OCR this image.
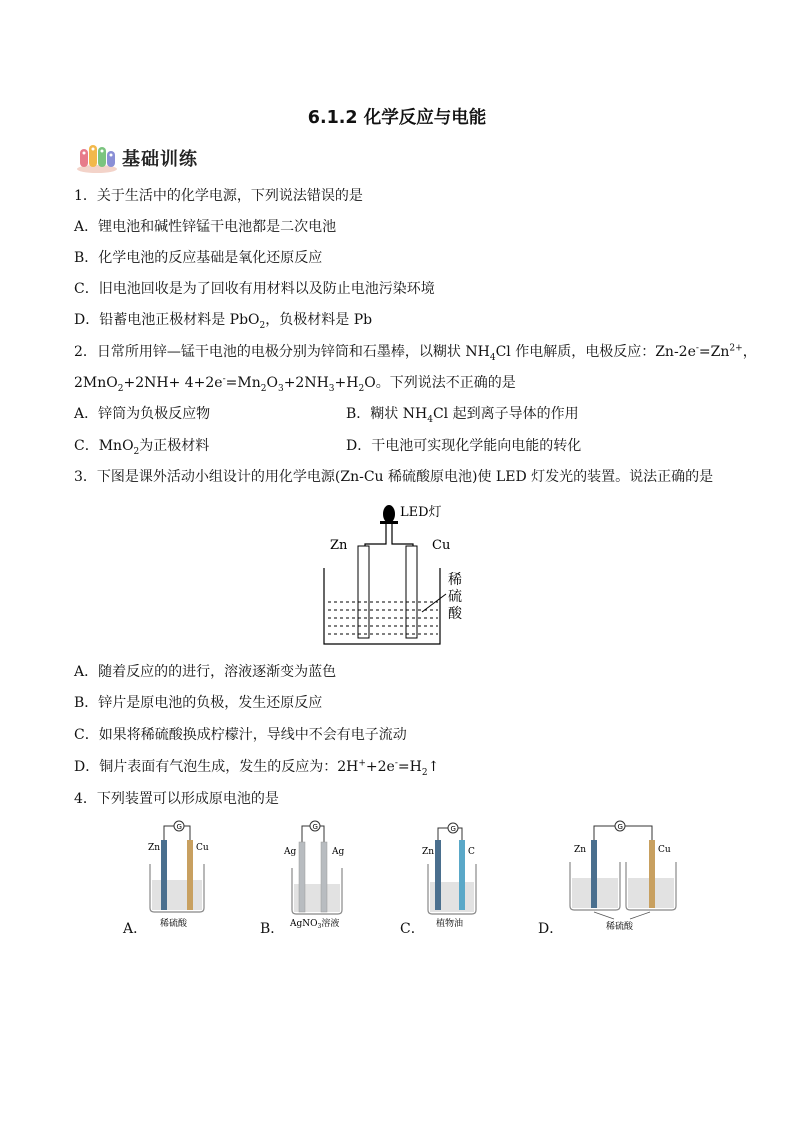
6.1.2 化学反应与电能
基础训练
1．关于生活中的化学电源，下列说法错误的是
A．锂电池和碱性锌锰干电池都是二次电池
B．化学电池的反应基础是氧化还原反应
C．旧电池回收是为了回收有用材料以及防止电池污染环境
D．铅蓄电池正极材料是 PbO$_2$，负极材料是 Pb
2．日常所用锌—锰干电池的电极分别为锌筒和石墨棒，以糊状 $NH_4Cl$ 作电解质，电极反应：$Zn-2e^-=Zn^{2+}$，
$2MnO_2+2NH+ 4+2e^-=Mn_2O_3+2NH_3+H_2O$。下列说法不正确的是
A．锌筒为负极反应物	B．糊状 $NH_4Cl$ 起到离子导体的作用
C．MnO$_2$为正极材料	D．干电池可实现化学能向电能的转化
3．下图是课外活动小组设计的用化学电源(Zn-Cu 稀硫酸原电池)使 LED 灯发光的装置。说法正确的是
LED灯
Zn	Cu
稀
硫
酸
A．随着反应的的进行，溶液逐渐变为蓝色
B．锌片是原电池的负极，发生还原反应
C．如果将稀硫酸换成柠檬汁，导线中不会有电子流动
D．铜片表面有气泡生成，发生的反应为：$2H^++2e^-=H_2↑$
4．下列装置可以形成原电池的是
G
Zn	Cu
稀硫酸
A．
G
Ag	Ag
AgNO$_3$溶液
B．
G
Zn	C
植物油
C．
G
Zn	Cu
稀硫酸
D．
